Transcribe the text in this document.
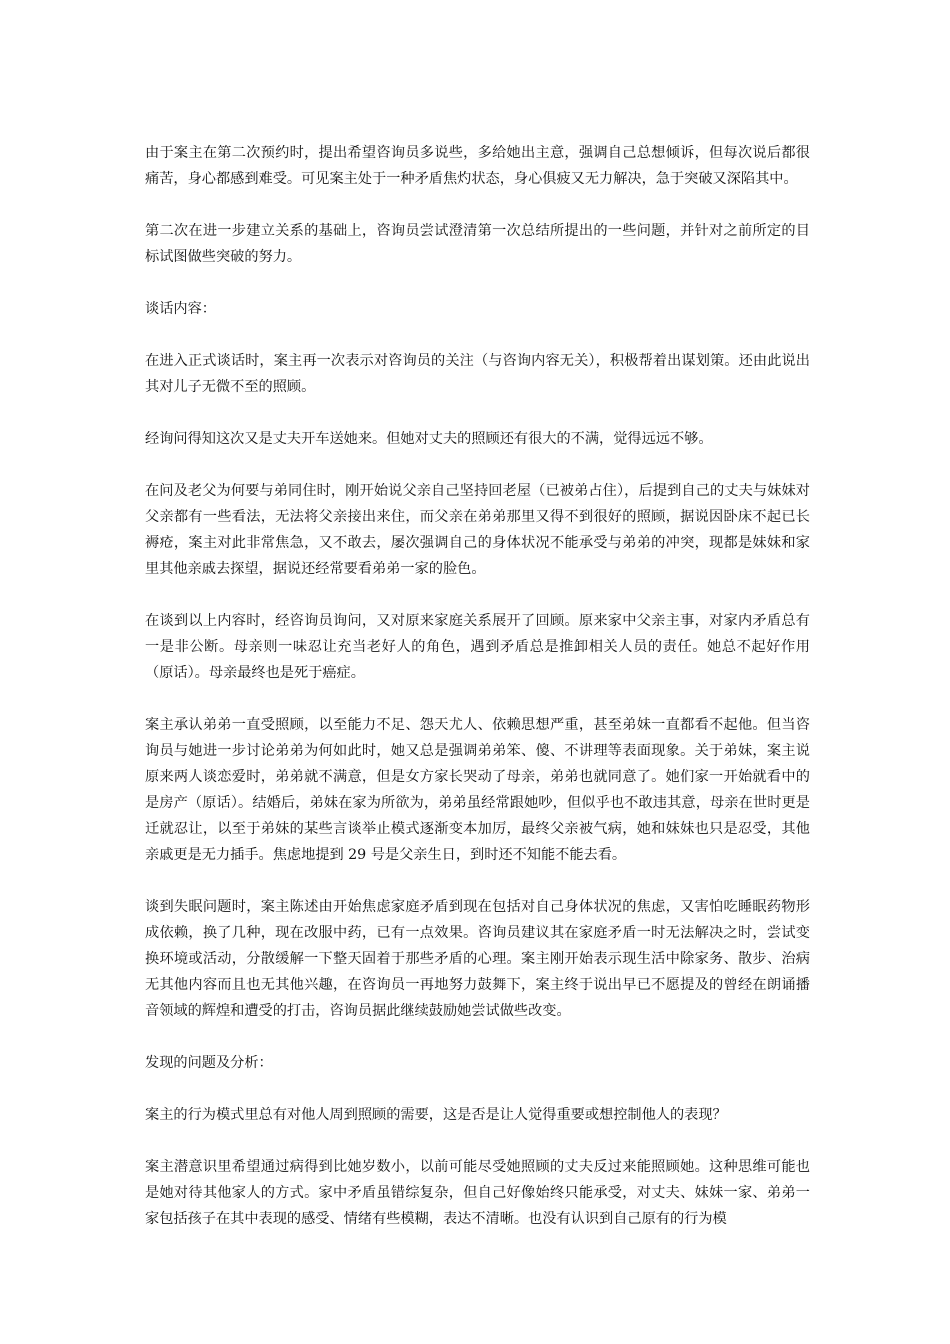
由于案主在第二次预约时，提出希望咨询员多说些，多给她出主意，强调自己总想倾诉，但每次说后都很痛苦，身心都感到难受。可见案主处于一种矛盾焦灼状态，身心俱疲又无力解决，急于突破又深陷其中。

第二次在进一步建立关系的基础上，咨询员尝试澄清第一次总结所提出的一些问题，并针对之前所定的目标试图做些突破的努力。

谈话内容：

在进入正式谈话时，案主再一次表示对咨询员的关注（与咨询内容无关），积极帮着出谋划策。还由此说出其对儿子无微不至的照顾。

经询问得知这次又是丈夫开车送她来。但她对丈夫的照顾还有很大的不满，觉得远远不够。

在问及老父为何要与弟同住时，刚开始说父亲自己坚持回老屋（已被弟占住），后提到自己的丈夫与妹妹对父亲都有一些看法，无法将父亲接出来住，而父亲在弟弟那里又得不到很好的照顾，据说因卧床不起已长褥疮，案主对此非常焦急，又不敢去，屡次强调自己的身体状况不能承受与弟弟的冲突，现都是妹妹和家里其他亲戚去探望，据说还经常要看弟弟一家的脸色。

在谈到以上内容时，经咨询员询问，又对原来家庭关系展开了回顾。原来家中父亲主事，对家内矛盾总有一是非公断。母亲则一味忍让充当老好人的角色，遇到矛盾总是推卸相关人员的责任。她总不起好作用（原话）。母亲最终也是死于癌症。

案主承认弟弟一直受照顾，以至能力不足、怨天尤人、依赖思想严重，甚至弟妹一直都看不起他。但当咨询员与她进一步讨论弟弟为何如此时，她又总是强调弟弟笨、傻、不讲理等表面现象。关于弟妹，案主说原来两人谈恋爱时，弟弟就不满意，但是女方家长哭动了母亲，弟弟也就同意了。她们家一开始就看中的是房产（原话）。结婚后，弟妹在家为所欲为，弟弟虽经常跟她吵，但似乎也不敢违其意，母亲在世时更是迁就忍让，以至于弟妹的某些言谈举止模式逐渐变本加厉，最终父亲被气病，她和妹妹也只是忍受，其他亲戚更是无力插手。焦虑地提到 29 号是父亲生日，到时还不知能不能去看。

谈到失眠问题时，案主陈述由开始焦虑家庭矛盾到现在包括对自己身体状况的焦虑，又害怕吃睡眠药物形成依赖，换了几种，现在改服中药，已有一点效果。咨询员建议其在家庭矛盾一时无法解决之时，尝试变换环境或活动，分散缓解一下整天固着于那些矛盾的心理。案主刚开始表示现生活中除家务、散步、治病无其他内容而且也无其他兴趣，在咨询员一再地努力鼓舞下，案主终于说出早已不愿提及的曾经在朗诵播音领域的辉煌和遭受的打击，咨询员据此继续鼓励她尝试做些改变。

发现的问题及分析：

案主的行为模式里总有对他人周到照顾的需要，这是否是让人觉得重要或想控制他人的表现？

案主潜意识里希望通过病得到比她岁数小，以前可能尽受她照顾的丈夫反过来能照顾她。这种思维可能也是她对待其他家人的方式。家中矛盾虽错综复杂，但自己好像始终只能承受，对丈夫、妹妹一家、弟弟一家包括孩子在其中表现的感受、情绪有些模糊，表达不清晰。也没有认识到自己原有的行为模
